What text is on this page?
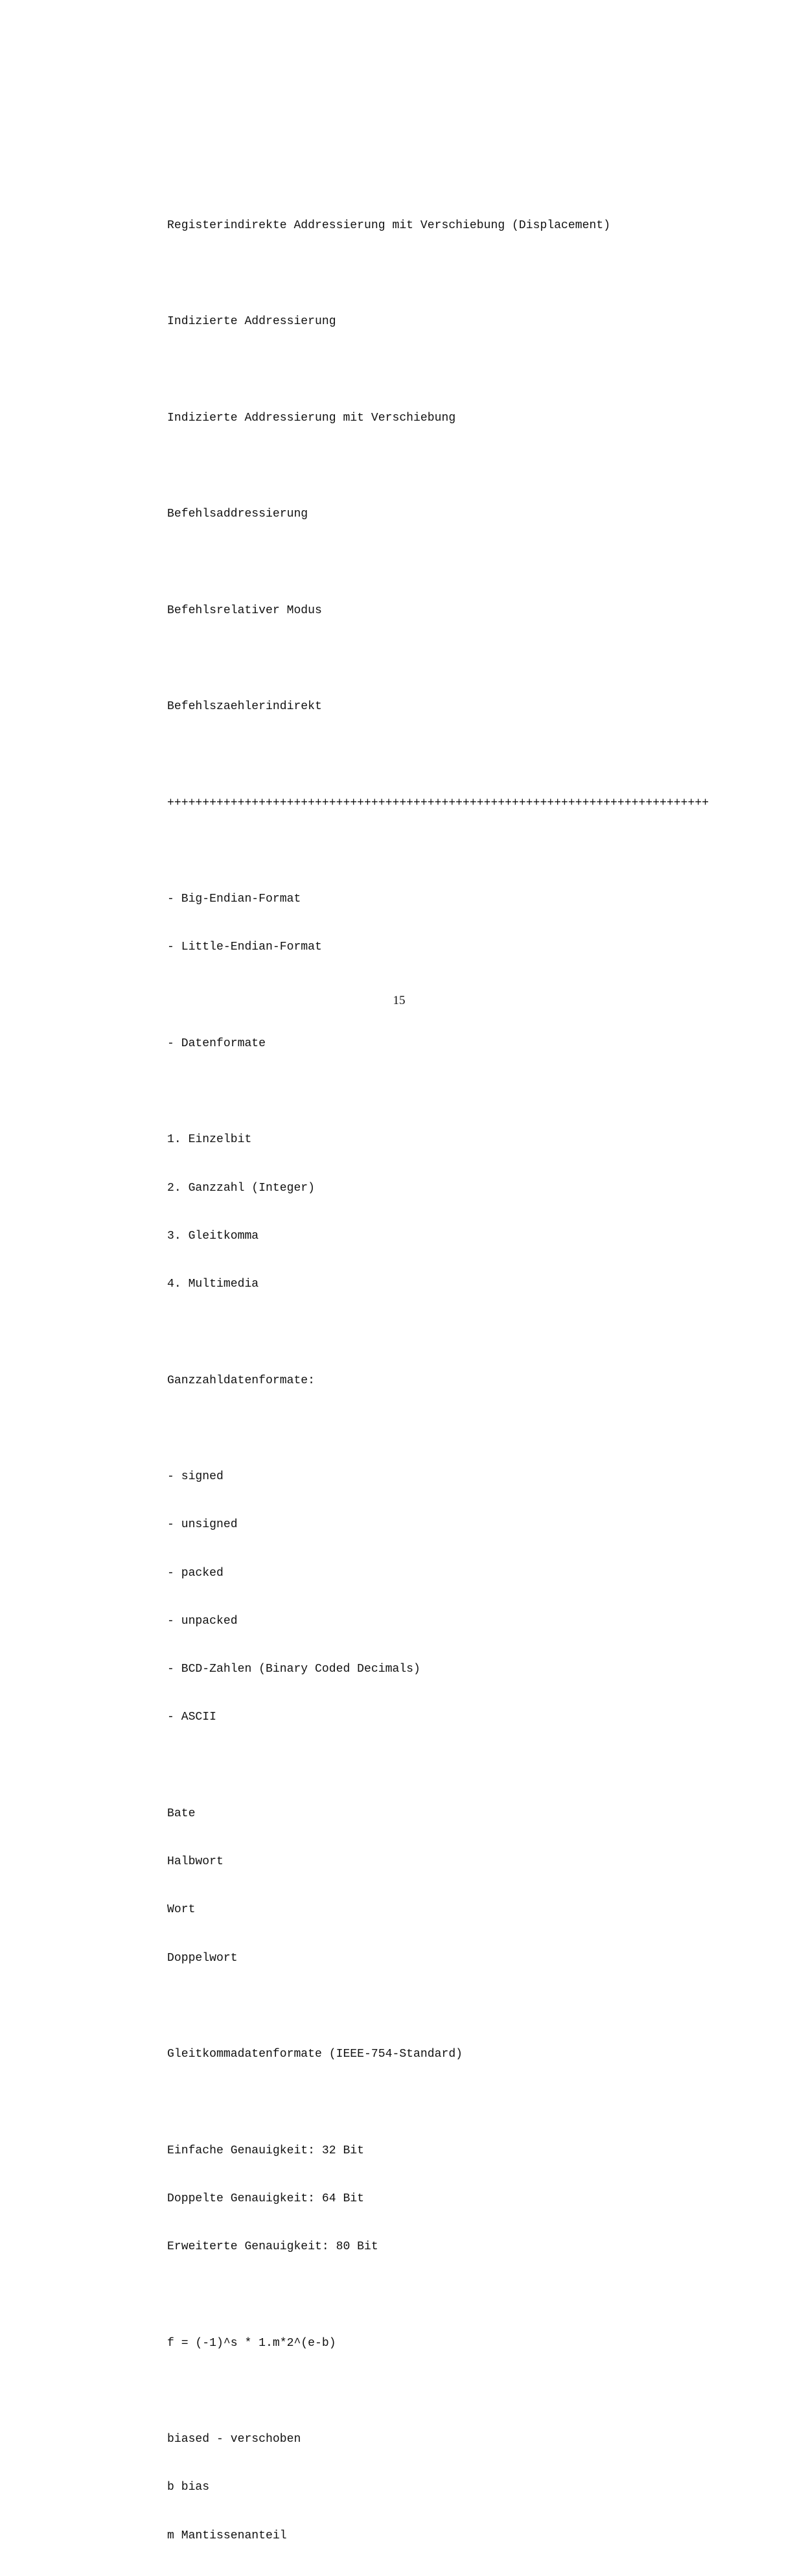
Registerindirekte Addressierung mit Verschiebung (Displacement)

Indizierte Addressierung

Indizierte Addressierung mit Verschiebung

Befehlsaddressierung

Befehlsrelativer Modus

Befehlszaehlerindirekt

+++++++++++++++++++++++++++++++++++++++++++++++++++++++++++++++++++++++++++++

- Big-Endian-Format

- Little-Endian-Format

- Datenformate

1. Einzelbit

2. Ganzzahl (Integer)

3. Gleitkomma

4. Multimedia

Ganzzahldatenformate:

- signed

- unsigned

- packed

- unpacked

- BCD-Zahlen (Binary Coded Decimals)

- ASCII

Bate

Halbwort

Wort

Doppelwort

Gleitkommadatenformate (IEEE-754-Standard)

Einfache Genauigkeit: 32 Bit

Doppelte Genauigkeit: 64 Bit

Erweiterte Genauigkeit: 80 Bit

f = (-1)^s * 1.m*2^(e-b)

biased - verschoben

b bias

m Mantissenanteil

15
